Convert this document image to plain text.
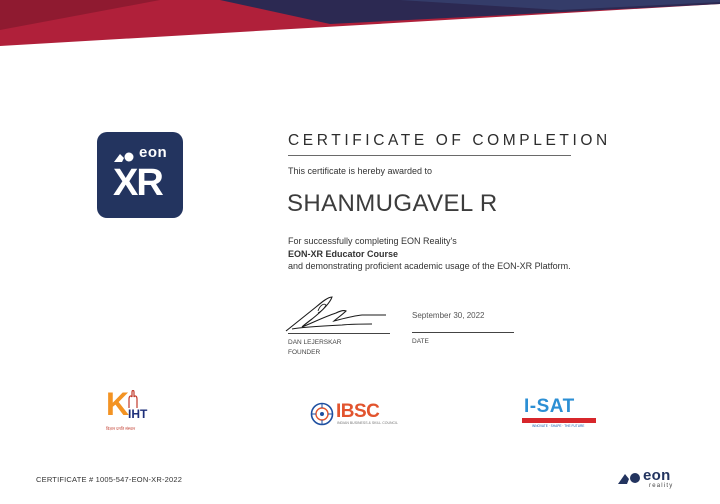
eon
XR
CERTIFICATE OF COMPLETION
This certificate is hereby awarded to
SHANMUGAVEL R
For successfully completing EON Reality's
EON-XR Educator Course
and demonstrating proficient academic usage of the EON-XR Platform.
DAN LEJERSKAR
FOUNDER
September 30, 2022
DATE
K
IHT
विज्ञान प्रगति संस्थान
IBSC
INDIAN BUSINESS & SKILL COUNCIL
I-SAT
INNOVATE · SHAPE · THE FUTURE
CERTIFICATE # 1005-547-EON-XR-2022	eon
reality
